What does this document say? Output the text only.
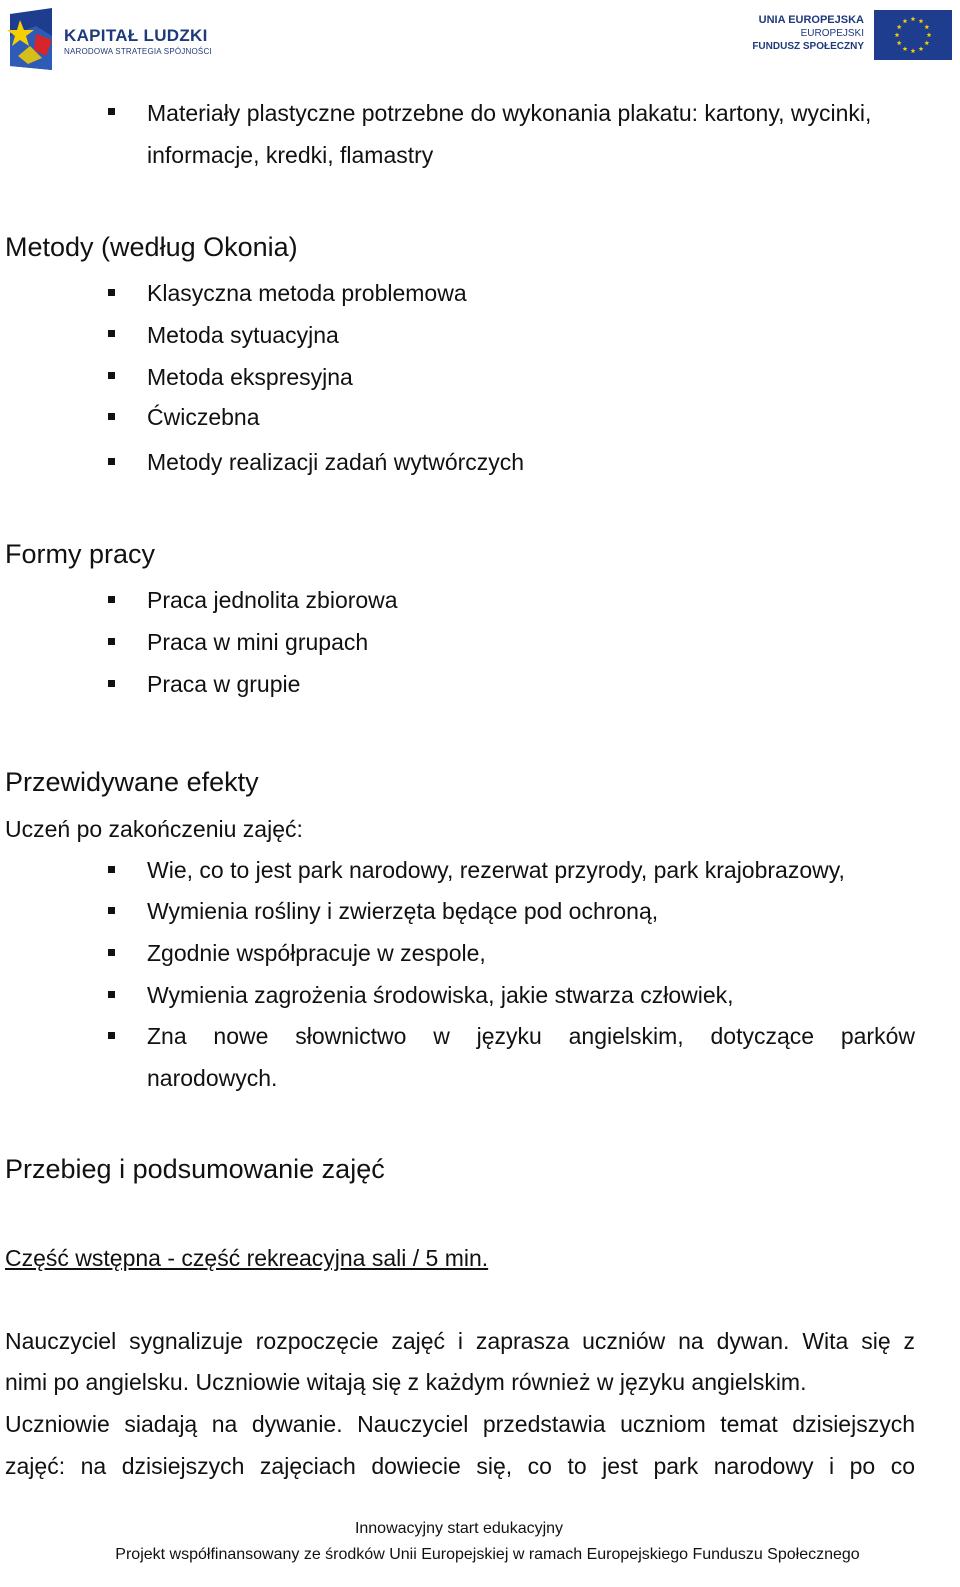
KAPITAŁ LUDZKI
NARODOWA STRATEGIA SPÓJNOŚCI
UNIA EUROPEJSKA
EUROPEJSKI
FUNDUSZ SPOŁECZNY
Materiały plastyczne potrzebne do wykonania plakatu: kartony, wycinki,
informacje, kredki, flamastry
Metody (według Okonia)
Klasyczna metoda problemowa
Metoda sytuacyjna
Metoda ekspresyjna
Ćwiczebna
Metody realizacji zadań wytwórczych
Formy pracy
Praca jednolita zbiorowa
Praca w mini grupach
Praca w grupie
Przewidywane efekty
Uczeń po zakończeniu zajęć:
Wie, co to jest park narodowy, rezerwat przyrody, park krajobrazowy,
Wymienia rośliny i zwierzęta będące pod ochroną,
Zgodnie współpracuje w zespole,
Wymienia zagrożenia środowiska, jakie stwarza człowiek,
Zna nowe słownictwo w języku angielskim, dotyczące parków
narodowych.
Przebieg i podsumowanie zajęć
Część wstępna - część rekreacyjna sali / 5 min.
Nauczyciel sygnalizuje rozpoczęcie zajęć i zaprasza uczniów na dywan. Wita się z
nimi po angielsku. Uczniowie witają się z każdym również w języku angielskim.
Uczniowie siadają na dywanie. Nauczyciel przedstawia uczniom temat dzisiejszych
zajęć: na dzisiejszych zajęciach dowiecie się, co to jest park narodowy i po co
Innowacyjny start edukacyjny
Projekt współfinansowany ze środków Unii Europejskiej w ramach Europejskiego Funduszu Społecznego
